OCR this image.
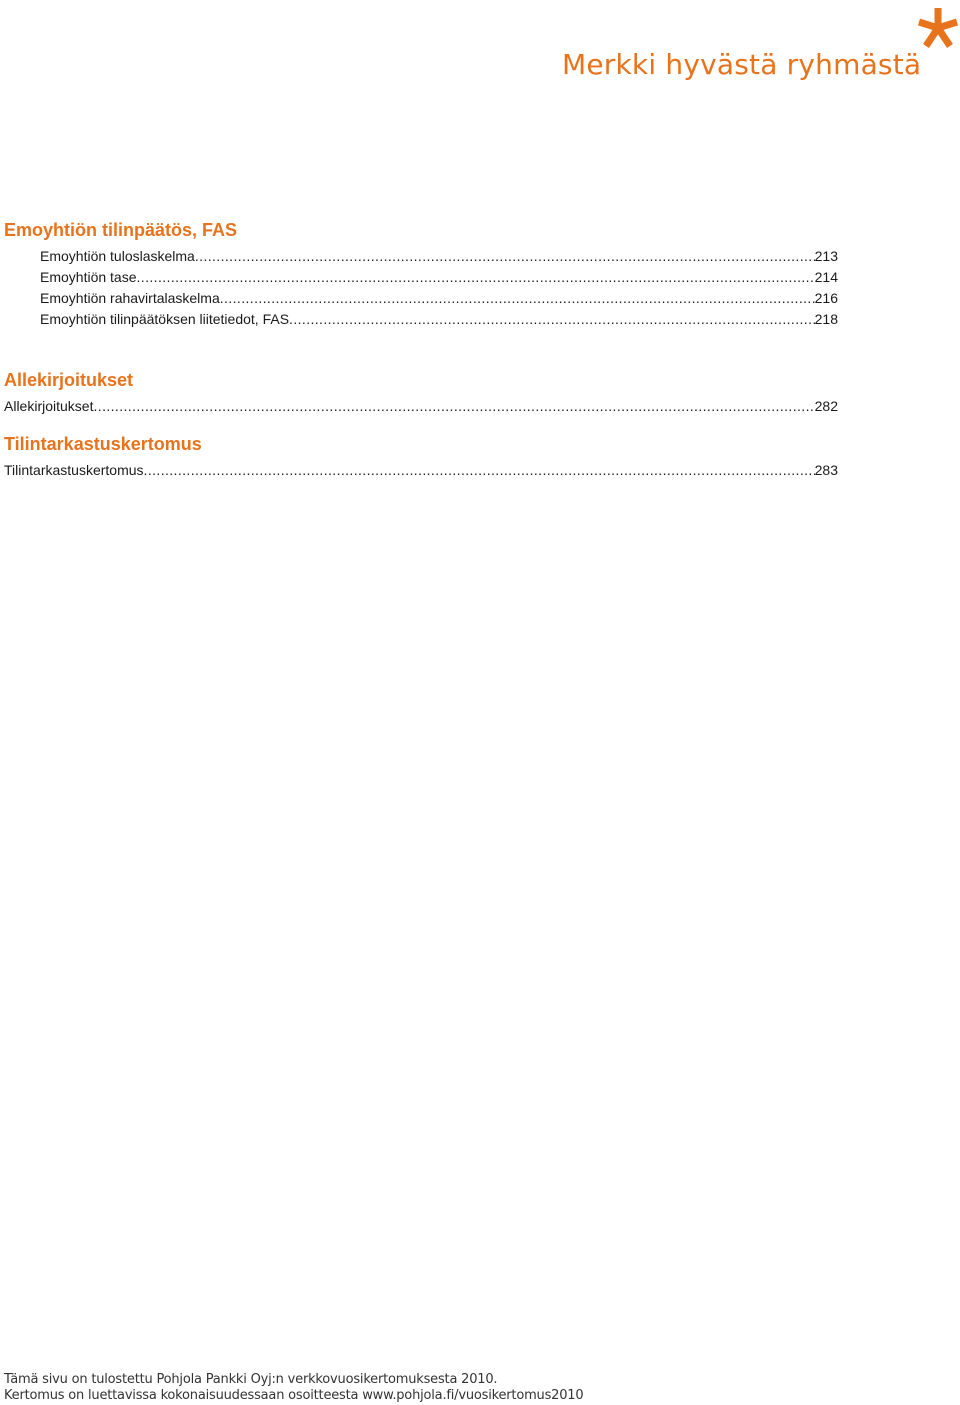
Merkki hyvästä ryhmästä
Emoyhtiön tilinpäätös, FAS
Emoyhtiön tuloslaskelma .....	213
Emoyhtiön tase .....	214
Emoyhtiön rahavirtalaskelma .....	216
Emoyhtiön tilinpäätöksen liitetiedot, FAS .....	218
Allekirjoitukset
Allekirjoitukset .....	282
Tilintarkastuskertomus
Tilintarkastuskertomus .....	283
Tämä sivu on tulostettu Pohjola Pankki Oyj:n verkkovuosikertomuksesta 2010.
Kertomus on luettavissa kokonaisuudessaan osoitteesta www.pohjola.fi/vuosikertomus2010
